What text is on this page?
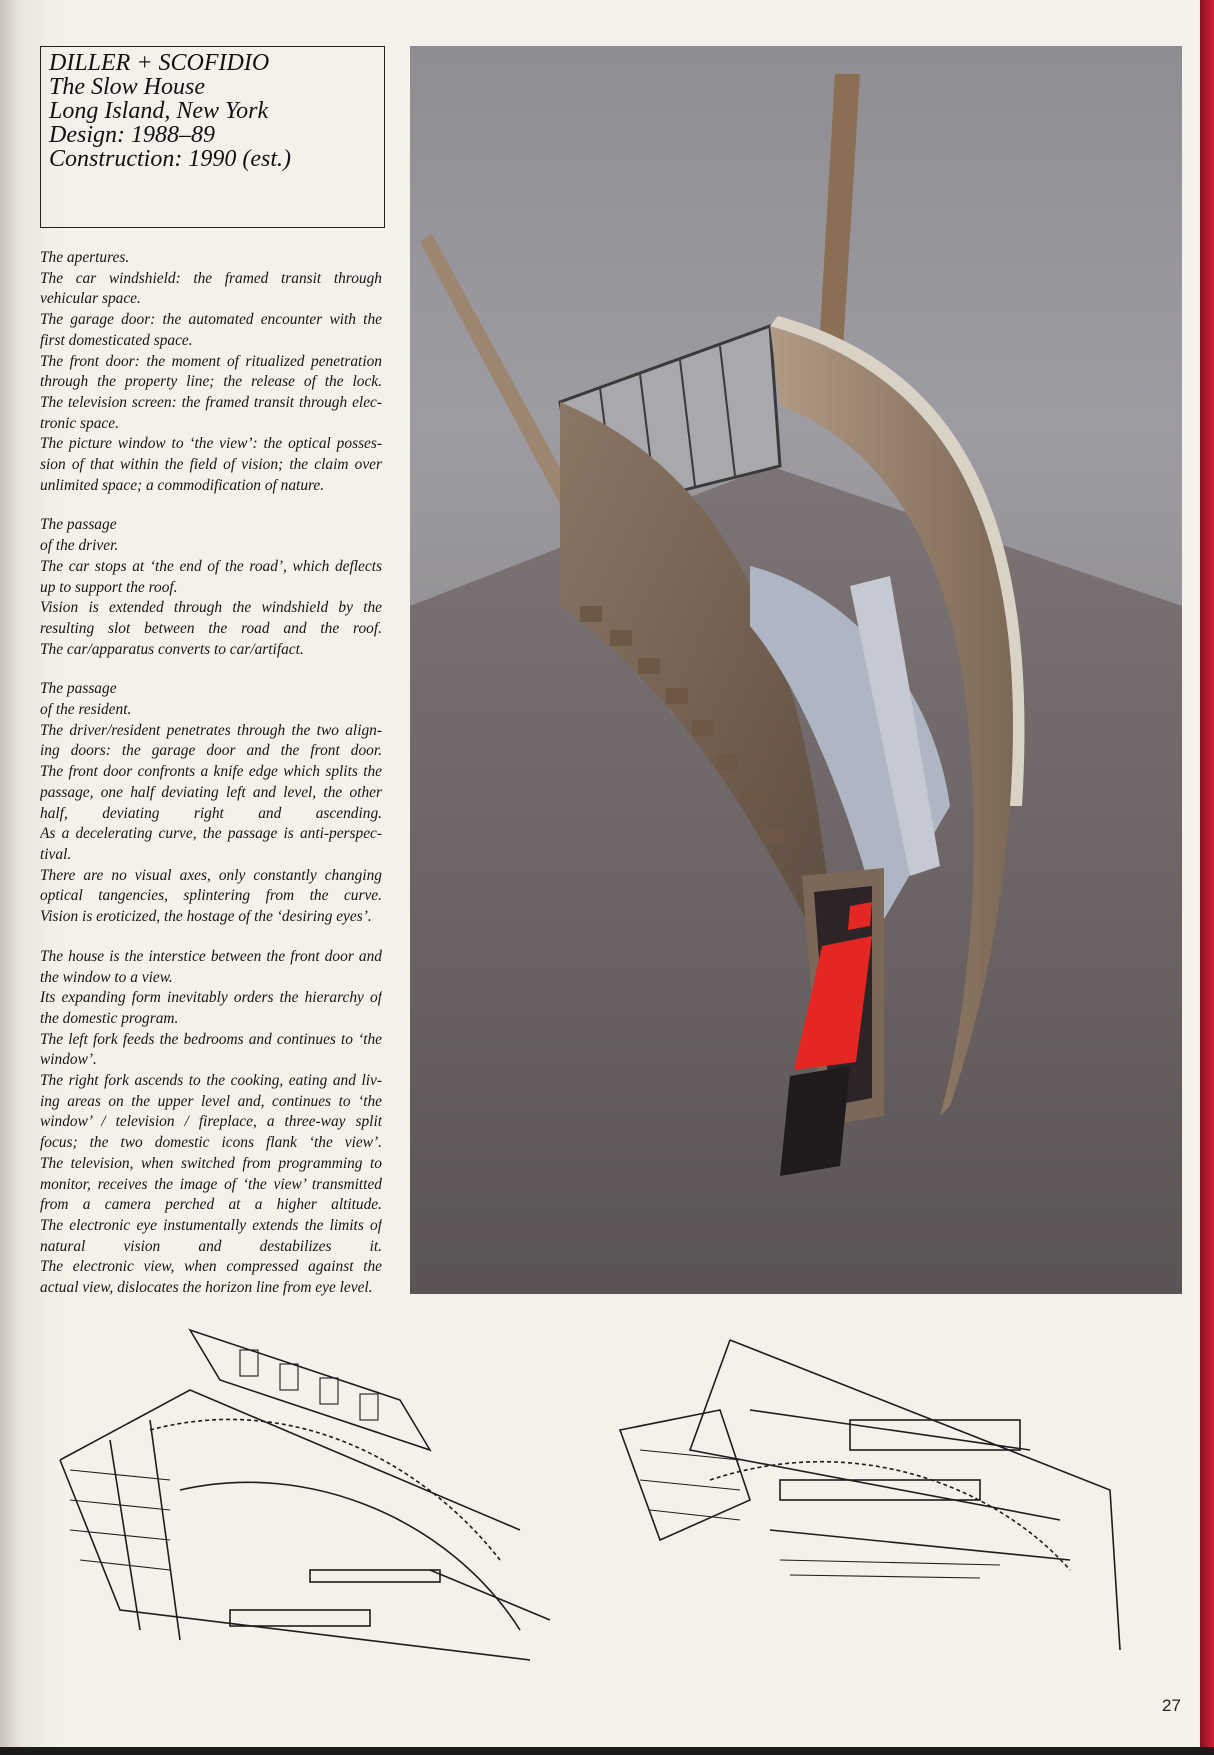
DILLER + SCOFIDIO
The Slow House
Long Island, New York
Design: 1988–89
Construction: 1990 (est.)
The apertures.
The car windshield: the framed transit through
vehicular space.
The garage door: the automated encounter with the
first domesticated space.
The front door: the moment of ritualized penetration
through the property line; the release of the lock.
The television screen: the framed transit through elec-
tronic space.
The picture window to ‘the view’: the optical posses-
sion of that within the field of vision; the claim over
unlimited space; a commodification of nature.
The passage
of the driver.
The car stops at ‘the end of the road’, which deflects
up to support the roof.
Vision is extended through the windshield by the
resulting slot between the road and the roof.
The car/apparatus converts to car/artifact.
The passage
of the resident.
The driver/resident penetrates through the two align-
ing doors: the garage door and the front door.
The front door confronts a knife edge which splits the
passage, one half deviating left and level, the other
half, deviating right and ascending.
As a decelerating curve, the passage is anti-perspec-
tival.
There are no visual axes, only constantly changing
optical tangencies, splintering from the curve.
Vision is eroticized, the hostage of the ‘desiring eyes’.
The house is the interstice between the front door and
the window to a view.
Its expanding form inevitably orders the hierarchy of
the domestic program.
The left fork feeds the bedrooms and continues to ‘the
window’.
The right fork ascends to the cooking, eating and liv-
ing areas on the upper level and, continues to ‘the
window’ / television / fireplace, a three-way split
focus; the two domestic icons flank ‘the view’.
The television, when switched from programming to
monitor, receives the image of ‘the view’ transmitted
from a camera perched at a higher altitude.
The electronic eye instumentally extends the limits of
natural vision and destabilizes it.
The electronic view, when compressed against the
actual view, dislocates the horizon line from eye level.
27
